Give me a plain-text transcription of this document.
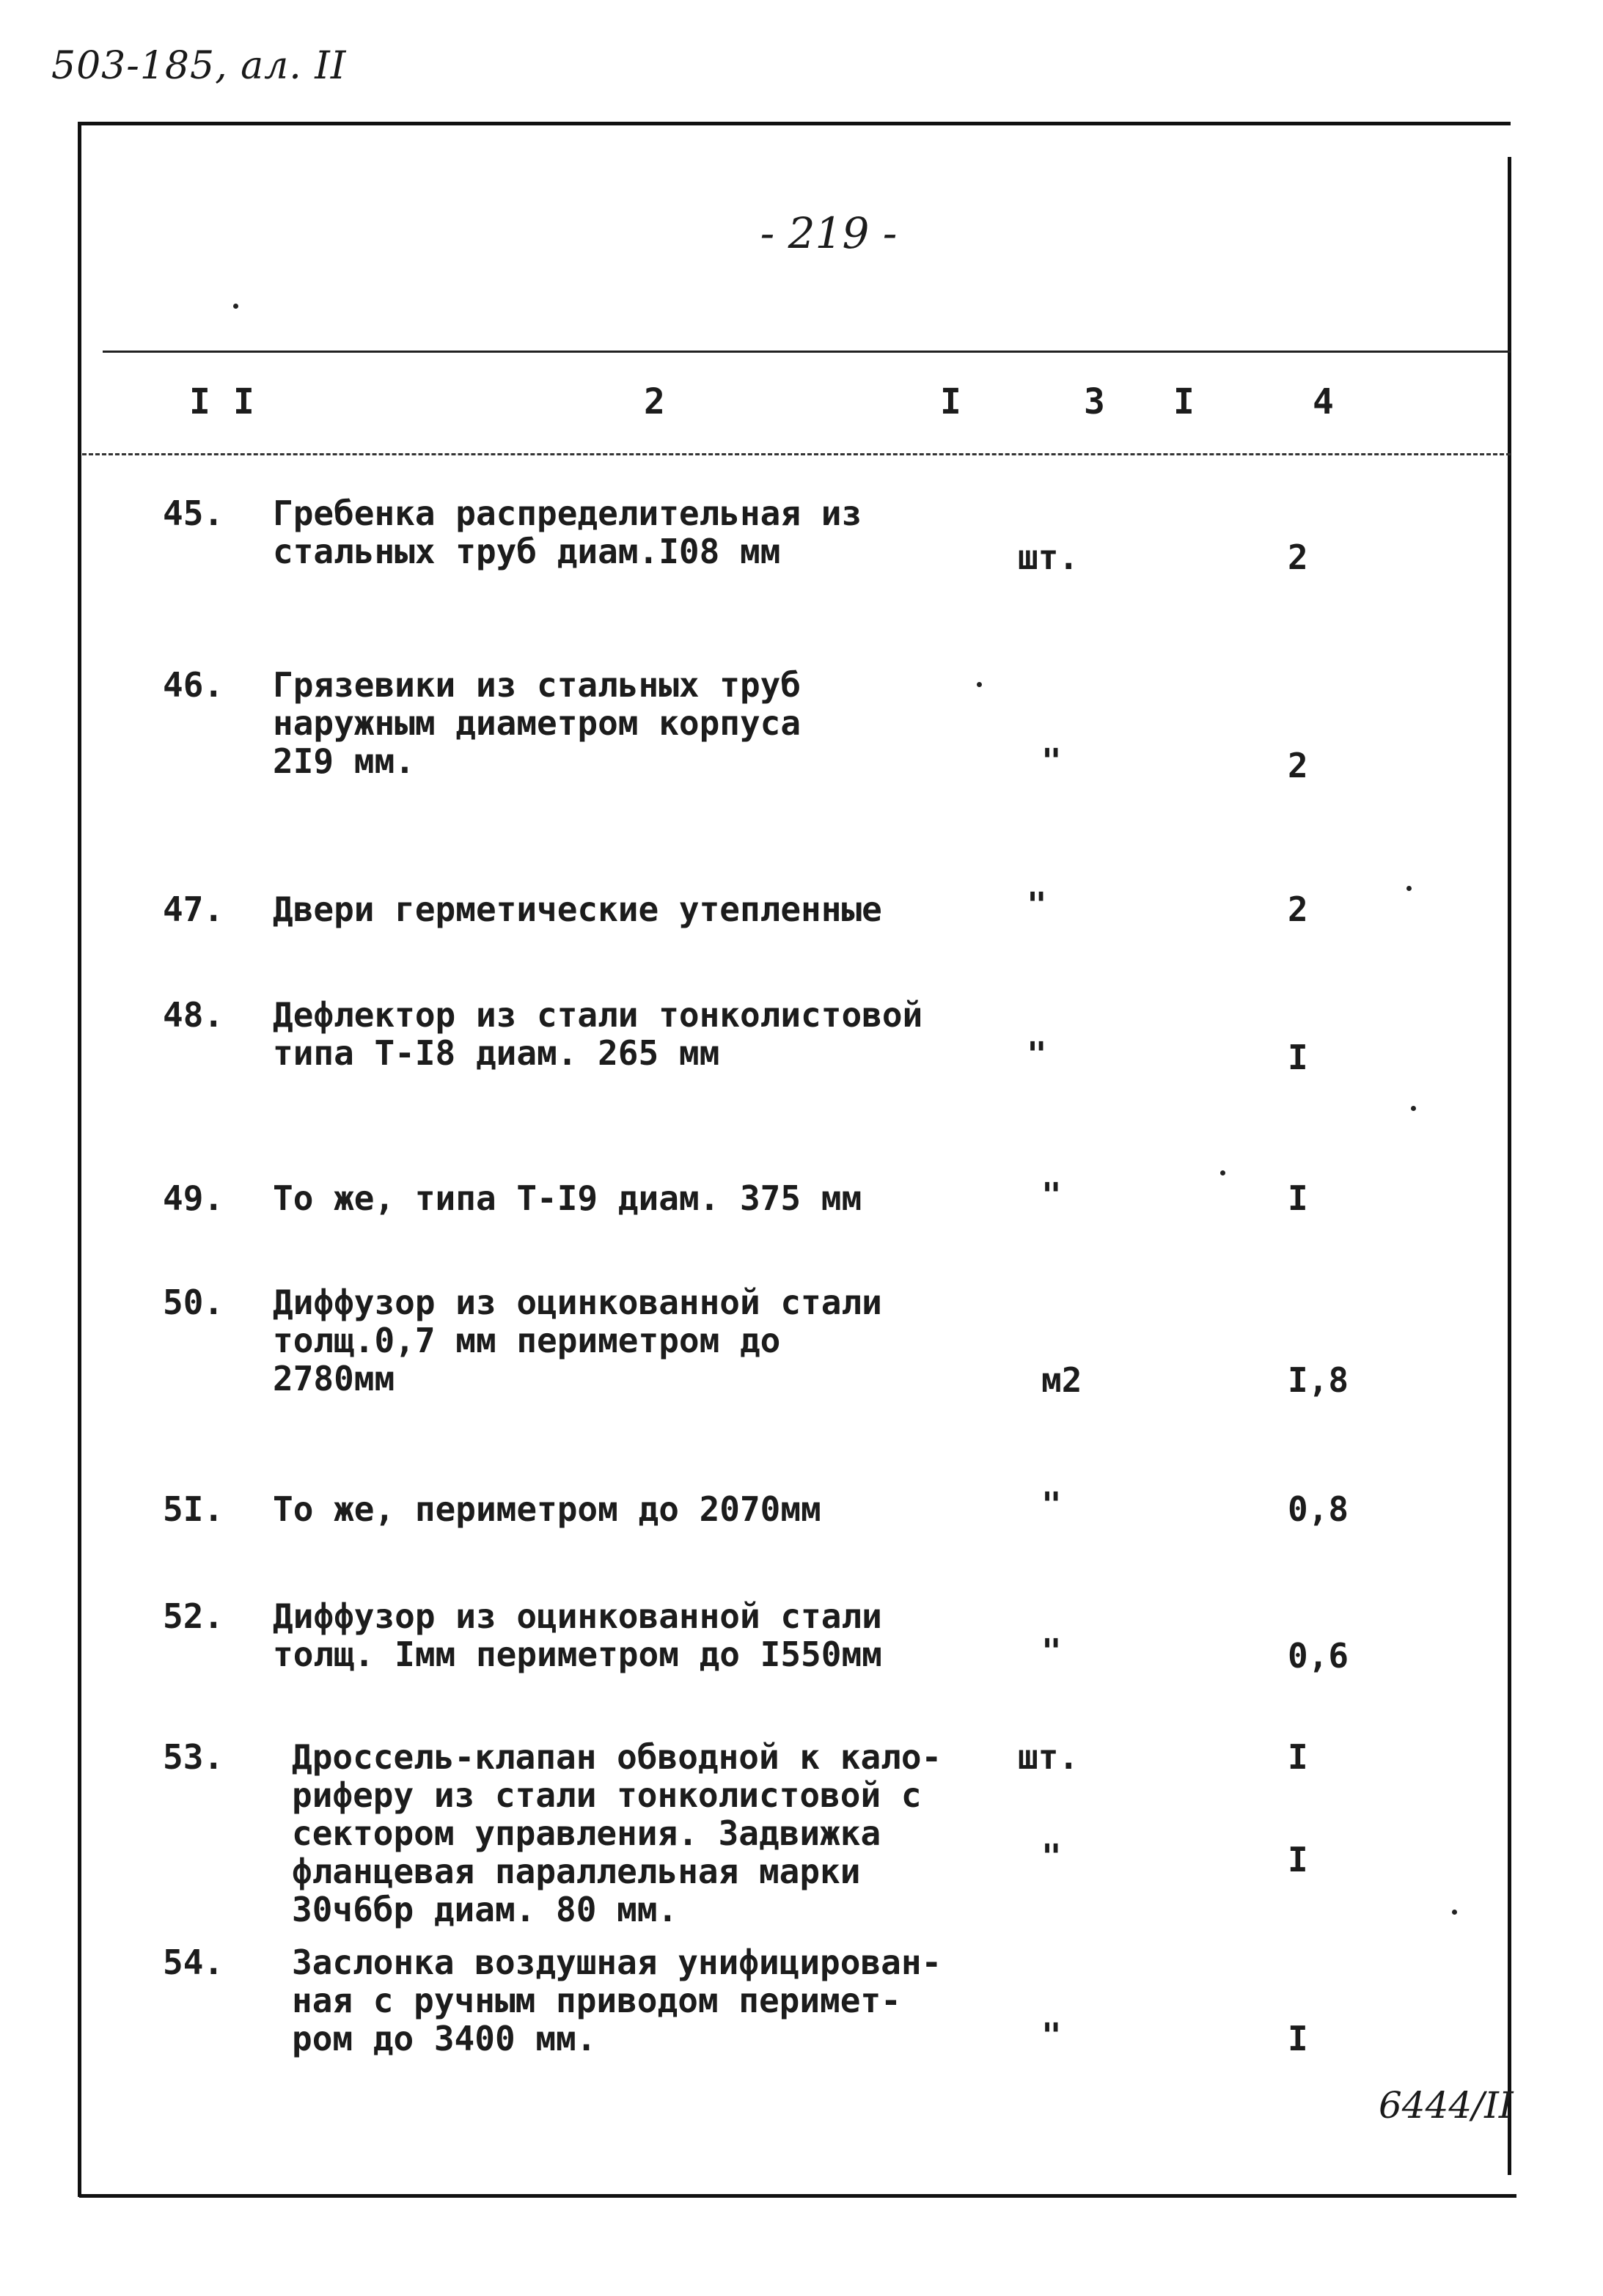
503-185, ал. II
- 219 -
I I	2	I	3 I	4
45. Гребенка распределительная из
стальных труб диам.I08 мм	шт.	2
46. Грязевики из стальных труб
наружным диаметром корпуса
2I9 мм.	"	2
47. Двери герметические утепленные	"	2
48. Дефлектор из стали тонколистовой
типа Т-I8 диам. 265 мм	"	I
49. То же, типа Т-I9 диам. 375 мм	"	I
50. Диффузор из оцинкованной стали
толщ.0,7 мм периметром до
2780мм	м2	I,8
5I. То же, периметром до 2070мм	"	0,8
52. Диффузор из оцинкованной стали
толщ. Iмм периметром до I550мм	"	0,6
53. Дроссель-клапан обводной к кало-
риферу из стали тонколистовой с
сектором управления. Задвижка
фланцевая параллельная марки
30ч6бр диам. 80 мм.
шт.	I
"	I
54. Заслонка воздушная унифицирован-
ная с ручным приводом перимет-
ром до 3400 мм.	"	I
6444/II
